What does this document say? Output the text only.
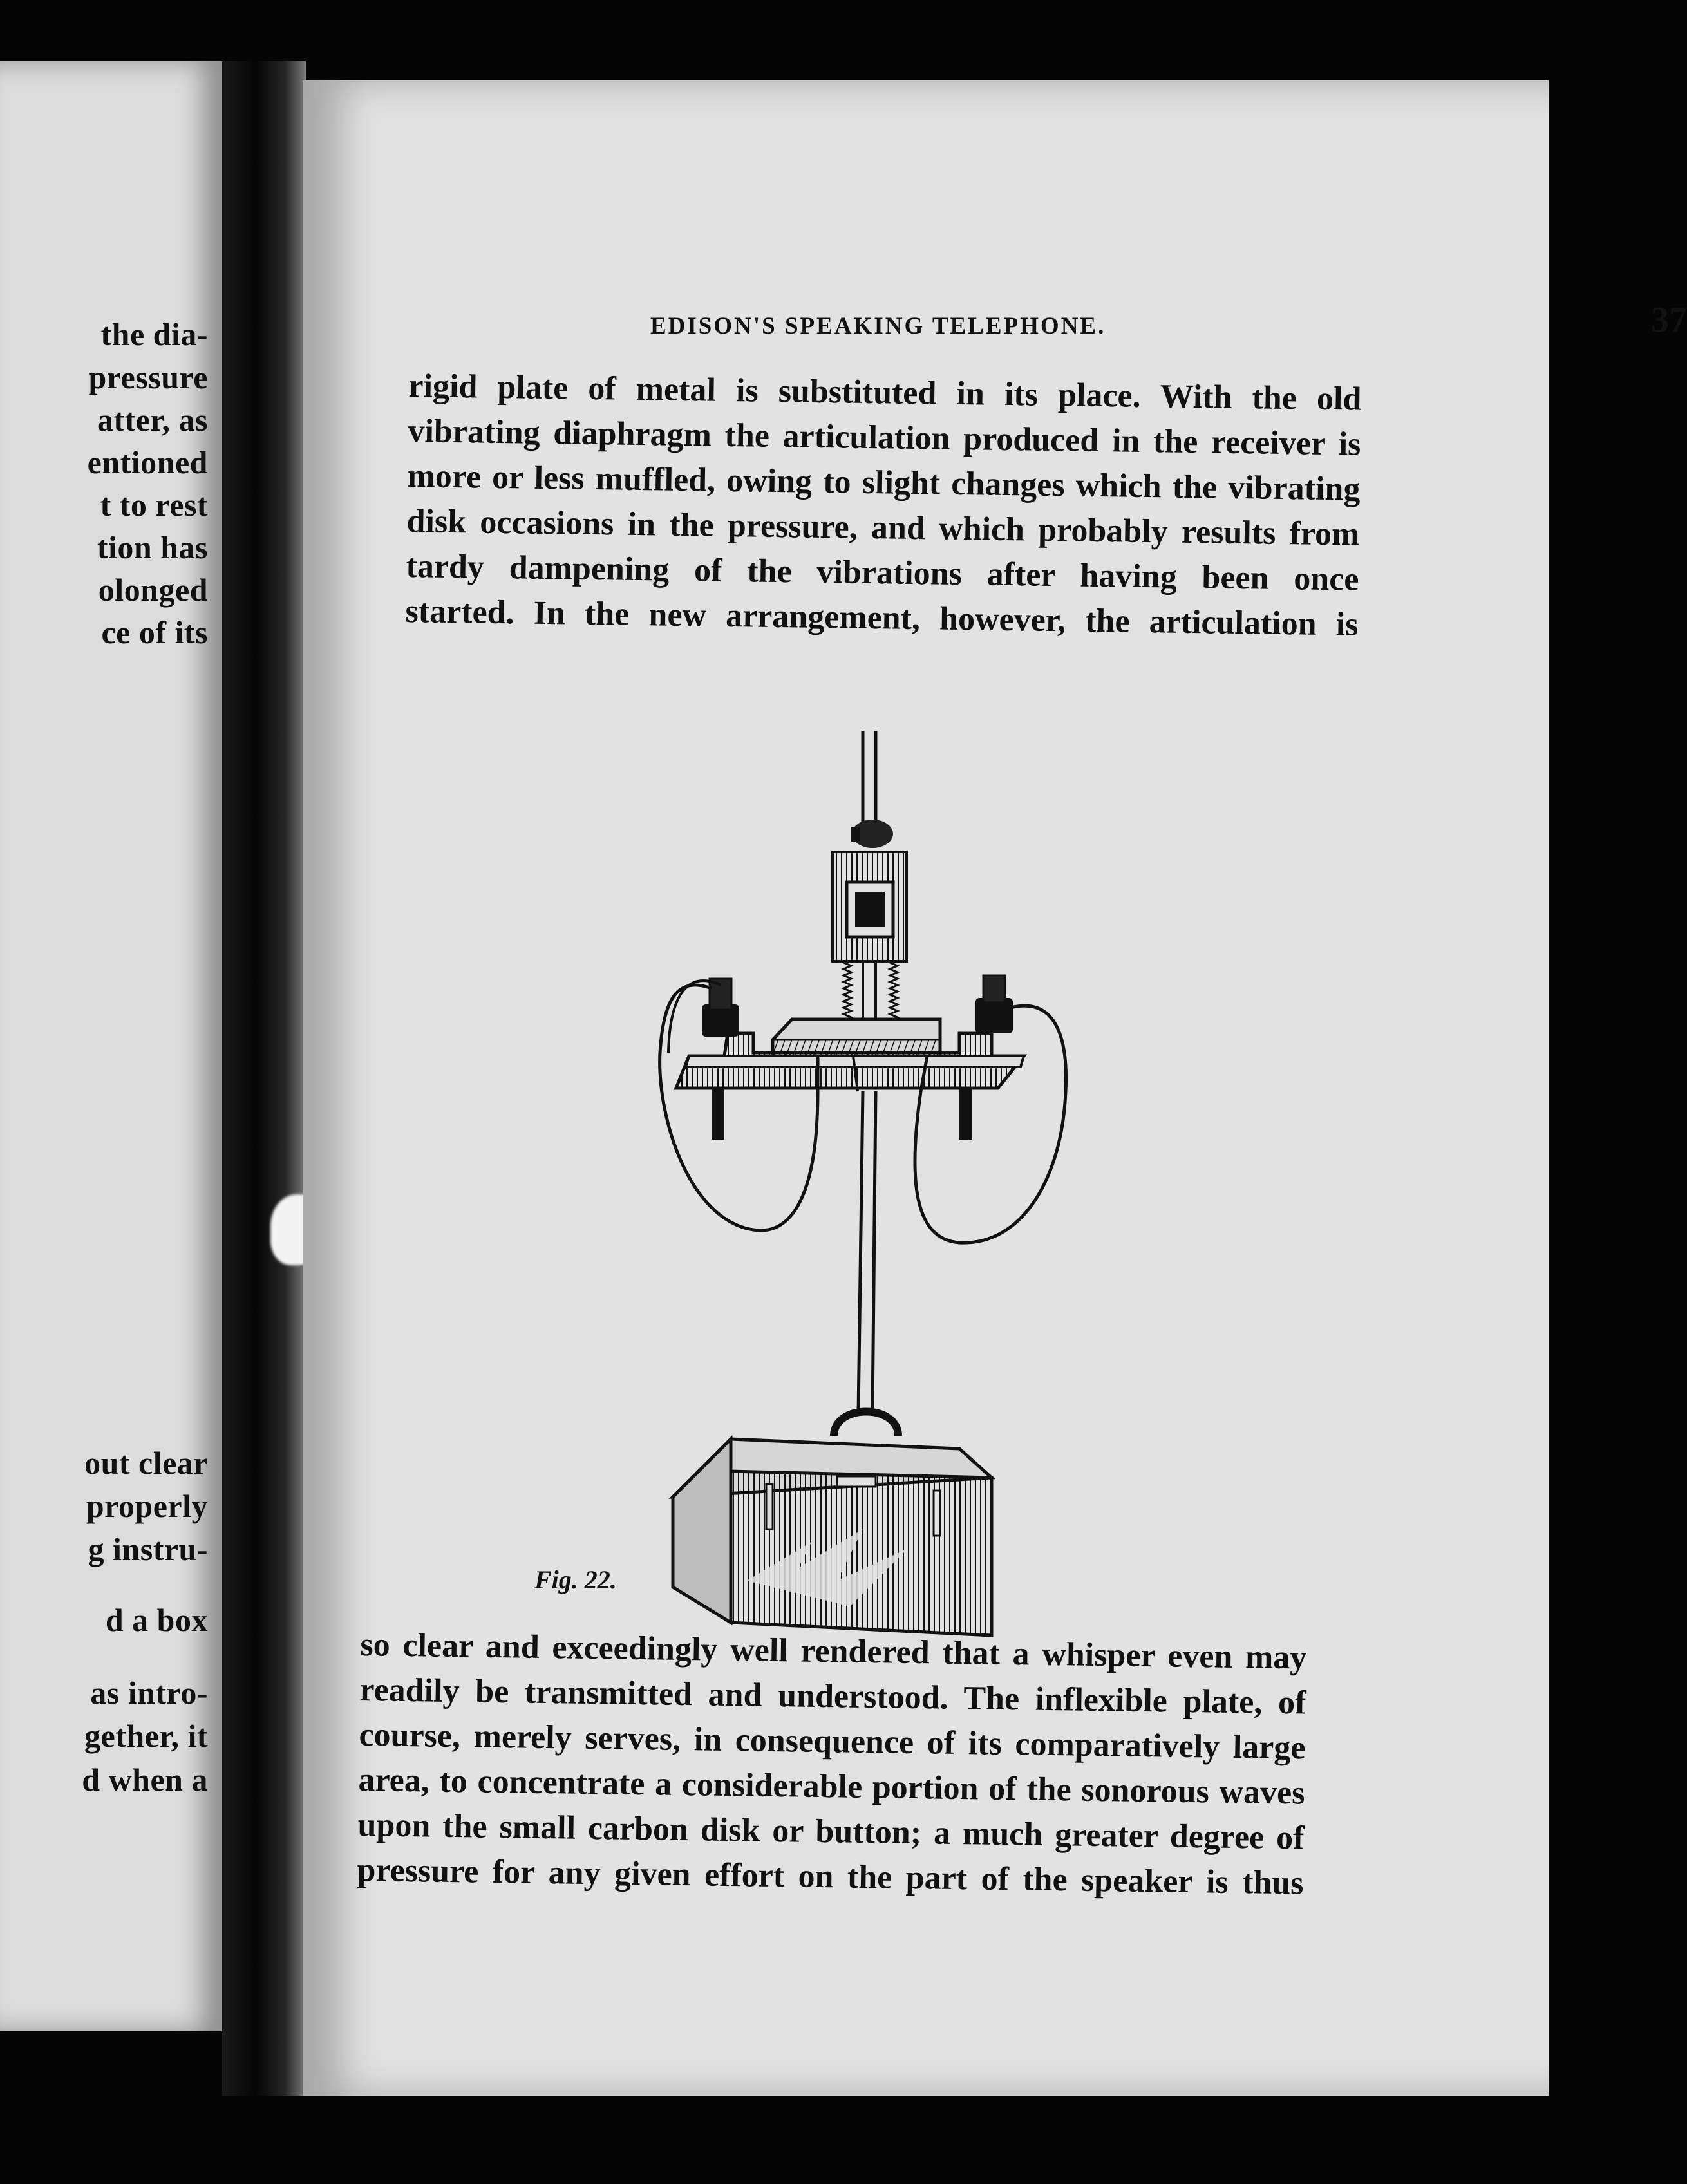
the dia-
pressure
atter, as
entioned
t to rest
tion has
olonged
ce of its
out clear
properly
g instru-
d a box
as intro-
gether, it
d when a
EDISON'S SPEAKING TELEPHONE.	37
rigid plate of metal is substituted in its place. With the old
vibrating diaphragm the articulation produced in the receiver is
more or less muffled, owing to slight changes which the vibrating
disk occasions in the pressure, and which probably results from
tardy dampening of the vibrations after having been once
started. In the new arrangement, however, the articulation is
Fig. 22.
so clear and exceedingly well rendered that a whisper even may
readily be transmitted and understood. The inflexible plate, of
course, merely serves, in consequence of its comparatively large
area, to concentrate a considerable portion of the sonorous waves
upon the small carbon disk or button; a much greater degree of
pressure for any given effort on the part of the speaker is thus
